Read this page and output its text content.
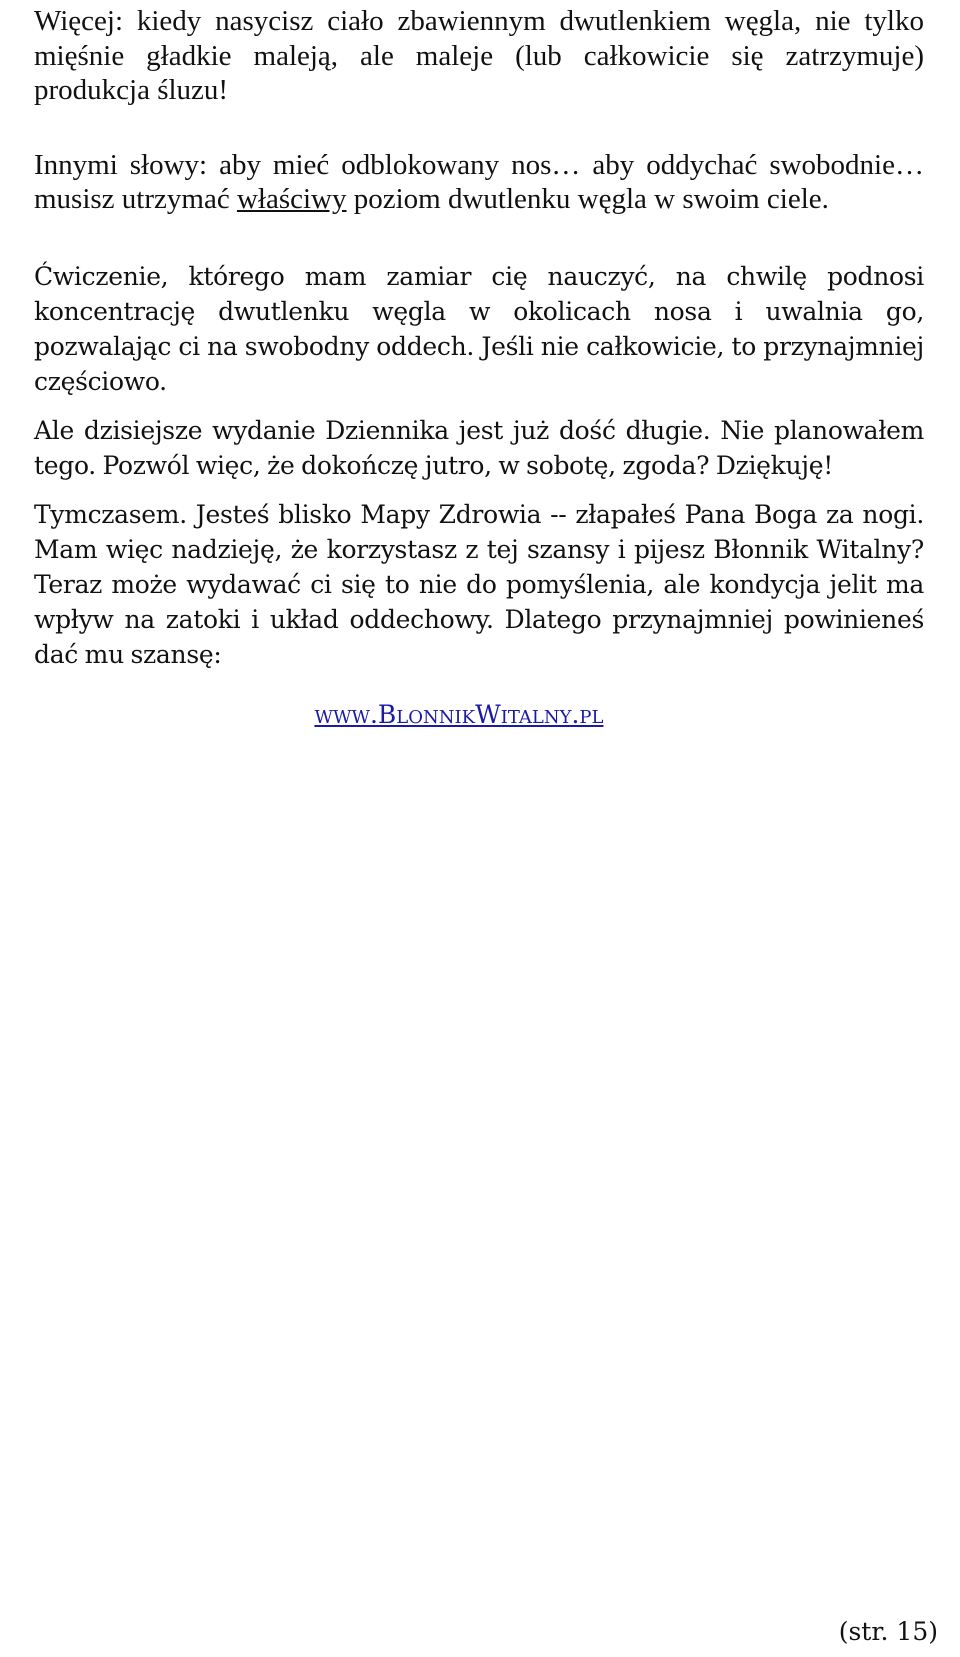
Więcej: kiedy nasycisz ciało zbawiennym dwutlenkiem węgla, nie tylko mięśnie gładkie maleją, ale maleje (lub całkowicie się zatrzymuje) produkcja śluzu!

Innymi słowy: aby mieć odblokowany nos… aby oddychać swobodnie… musisz utrzymać właściwy poziom dwutlenku węgla w swoim ciele.

Ćwiczenie, którego mam zamiar cię nauczyć, na chwilę podnosi koncentrację dwutlenku węgla w okolicach nosa i uwalnia go, pozwalając ci na swobodny oddech. Jeśli nie całkowicie, to przynajmniej częściowo.

Ale dzisiejsze wydanie Dziennika jest już dość długie. Nie planowałem tego. Pozwól więc, że dokończę jutro, w sobotę, zgoda? Dziękuję!

Tymczasem. Jesteś blisko Mapy Zdrowia -- złapałeś Pana Boga za nogi. Mam więc nadzieję, że korzystasz z tej szansy i pijesz Błonnik Witalny? Teraz może wydawać ci się to nie do pomyślenia, ale kondycja jelit ma wpływ na zatoki i układ oddechowy. Dlatego przynajmniej powinieneś dać mu szansę:

www.BlonnikWitalny.pl
(str. 15)
